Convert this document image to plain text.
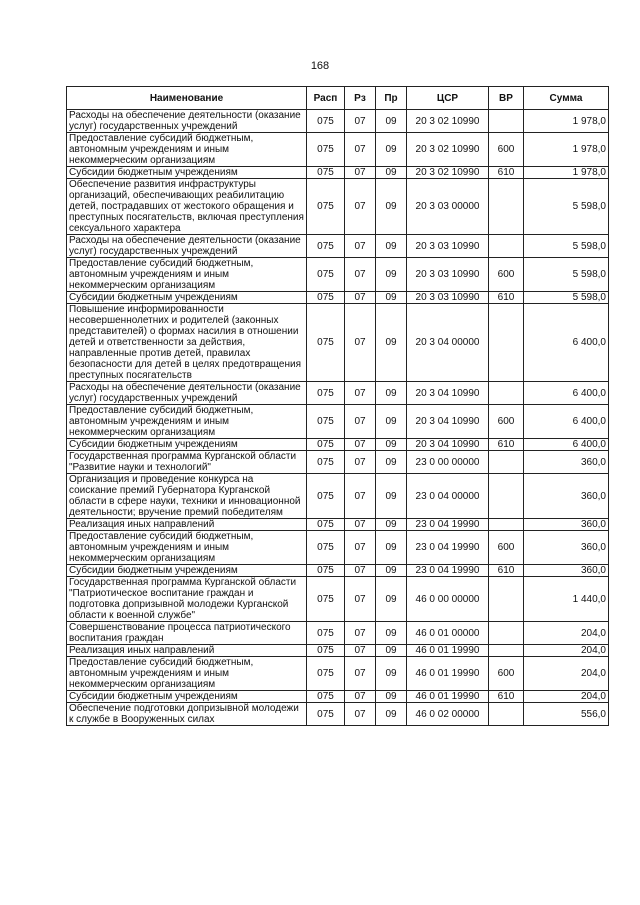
168
Наименование	Расп	Рз	Пр	ЦСР	ВР	Сумма
Расходы на обеспечение деятельности (оказание услуг) государственных учреждений	075	07	09	20 3 02 10990		1 978,0
Предоставление субсидий бюджетным, автономным учреждениям и иным некоммерческим организациям	075	07	09	20 3 02 10990	600	1 978,0
Субсидии бюджетным учреждениям	075	07	09	20 3 02 10990	610	1 978,0
Обеспечение развития инфраструктуры организаций, обеспечивающих реабилитацию детей, пострадавших от жестокого обращения и преступных посягательств, включая преступления сексуального характера	075	07	09	20 3 03 00000		5 598,0
Расходы на обеспечение деятельности (оказание услуг) государственных учреждений	075	07	09	20 3 03 10990		5 598,0
Предоставление субсидий бюджетным, автономным учреждениям и иным некоммерческим организациям	075	07	09	20 3 03 10990	600	5 598,0
Субсидии бюджетным учреждениям	075	07	09	20 3 03 10990	610	5 598,0
Повышение информированности несовершеннолетних и родителей (законных представителей) о формах насилия в отношении детей и ответственности за действия, направленные против детей, правилах безопасности для детей в целях предотвращения преступных посягательств	075	07	09	20 3 04 00000		6 400,0
Расходы на обеспечение деятельности (оказание услуг) государственных учреждений	075	07	09	20 3 04 10990		6 400,0
Предоставление субсидий бюджетным, автономным учреждениям и иным некоммерческим организациям	075	07	09	20 3 04 10990	600	6 400,0
Субсидии бюджетным учреждениям	075	07	09	20 3 04 10990	610	6 400,0
Государственная программа Курганской области "Развитие науки и технологий"	075	07	09	23 0 00 00000		360,0
Организация и проведение конкурса на соискание премий Губернатора Курганской области в сфере науки, техники и инновационной деятельности; вручение премий победителям	075	07	09	23 0 04 00000		360,0
Реализация иных направлений	075	07	09	23 0 04 19990		360,0
Предоставление субсидий бюджетным, автономным учреждениям и иным некоммерческим организациям	075	07	09	23 0 04 19990	600	360,0
Субсидии бюджетным учреждениям	075	07	09	23 0 04 19990	610	360,0
Государственная программа Курганской области "Патриотическое воспитание граждан и подготовка допризывной молодежи Курганской области к военной службе"	075	07	09	46 0 00 00000		1 440,0
Совершенствование процесса патриотического воспитания граждан	075	07	09	46 0 01 00000		204,0
Реализация иных направлений	075	07	09	46 0 01 19990		204,0
Предоставление субсидий бюджетным, автономным учреждениям и иным некоммерческим организациям	075	07	09	46 0 01 19990	600	204,0
Субсидии бюджетным учреждениям	075	07	09	46 0 01 19990	610	204,0
Обеспечение подготовки допризывной молодежи к службе в Вооруженных силах	075	07	09	46 0 02 00000		556,0
